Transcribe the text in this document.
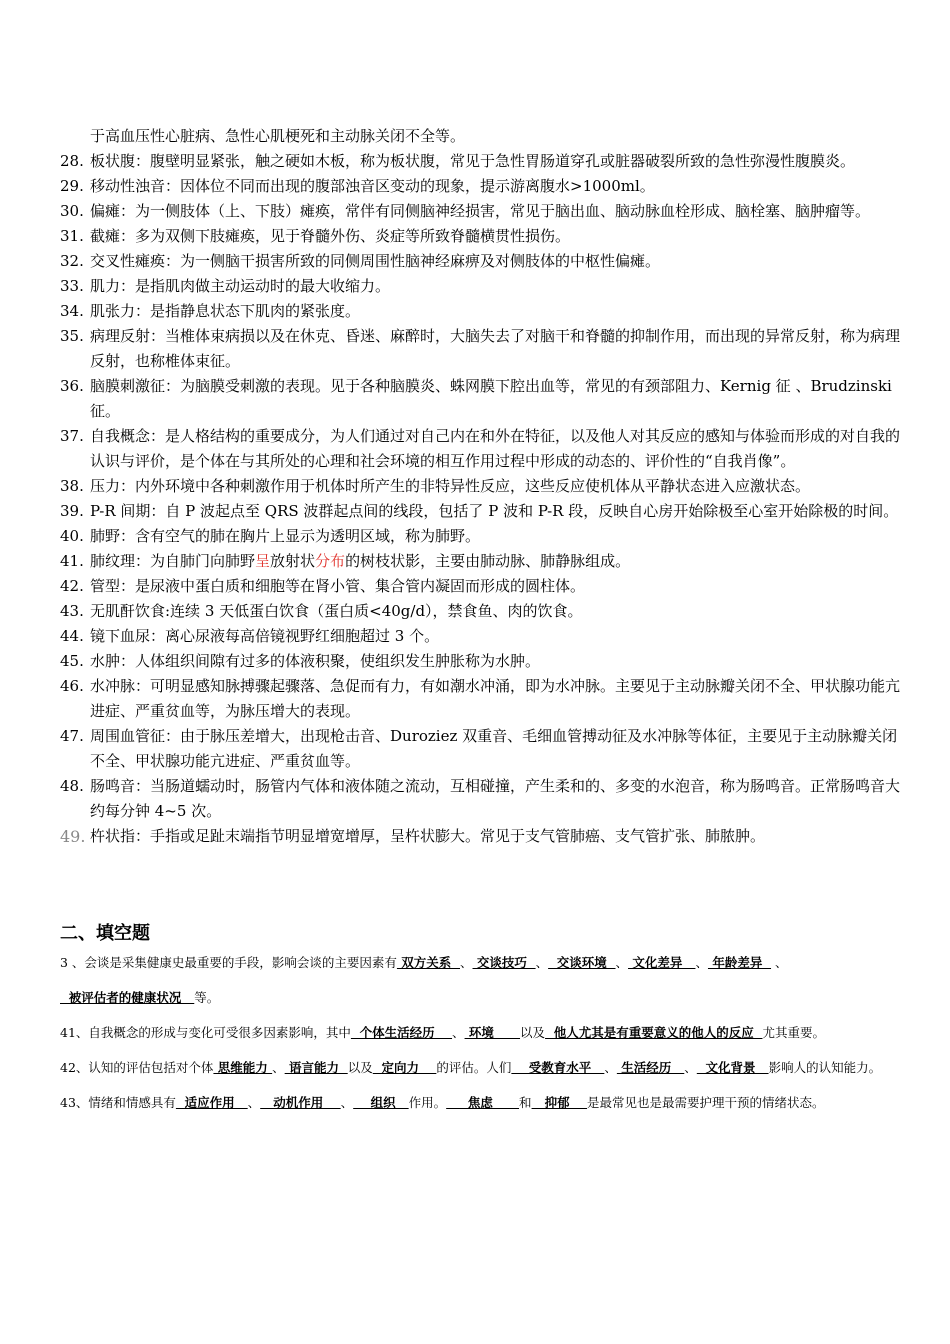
于高血压性心脏病、急性心肌梗死和主动脉关闭不全等。
28. 板状腹：腹壁明显紧张，触之硬如木板，称为板状腹，常见于急性胃肠道穿孔或脏器破裂所致的急性弥漫性腹膜炎。
29. 移动性浊音：因体位不同而出现的腹部浊音区变动的现象，提示游离腹水>1000ml。
30. 偏瘫：为一侧肢体（上、下肢）瘫痪，常伴有同侧脑神经损害，常见于脑出血、脑动脉血栓形成、脑栓塞、脑肿瘤等。
31. 截瘫：多为双侧下肢瘫痪，见于脊髓外伤、炎症等所致脊髓横贯性损伤。
32. 交叉性瘫痪：为一侧脑干损害所致的同侧周围性脑神经麻痹及对侧肢体的中枢性偏瘫。
33. 肌力：是指肌肉做主动运动时的最大收缩力。
34. 肌张力：是指静息状态下肌肉的紧张度。
35. 病理反射：当椎体束病损以及在休克、昏迷、麻醉时，大脑失去了对脑干和脊髓的抑制作用，而出现的异常反射，称为病理反射，也称椎体束征。
36. 脑膜刺激征：为脑膜受刺激的表现。见于各种脑膜炎、蛛网膜下腔出血等，常见的有颈部阻力、Kernig 征 、Brudzinski 征。
37. 自我概念：是人格结构的重要成分，为人们通过对自己内在和外在特征，以及他人对其反应的感知与体验而形成的对自我的认识与评价，是个体在与其所处的心理和社会环境的相互作用过程中形成的动态的、评价性的“自我肖像”。
38. 压力：内外环境中各种刺激作用于机体时所产生的非特异性反应，这些反应使机体从平静状态进入应激状态。
39. P-R 间期：自 P 波起点至 QRS 波群起点间的线段，包括了 P 波和 P-R 段，反映自心房开始除极至心室开始除极的时间。
40. 肺野：含有空气的肺在胸片上显示为透明区域，称为肺野。
41. 肺纹理：为自肺门向肺野呈放射状分布的树枝状影，主要由肺动脉、肺静脉组成。
42. 管型：是尿液中蛋白质和细胞等在肾小管、集合管内凝固而形成的圆柱体。
43. 无肌酐饮食:连续 3 天低蛋白饮食（蛋白质<40g/d），禁食鱼、肉的饮食。
44. 镜下血尿：离心尿液每高倍镜视野红细胞超过 3 个。
45. 水肿：人体组织间隙有过多的体液积聚，使组织发生肿胀称为水肿。
46. 水冲脉：可明显感知脉搏骤起骤落、急促而有力，有如潮水冲涌，即为水冲脉。主要见于主动脉瓣关闭不全、甲状腺功能亢进症、严重贫血等，为脉压增大的表现。
47. 周围血管征：由于脉压差增大，出现枪击音、Duroziez 双重音、毛细血管搏动征及水冲脉等体征，主要见于主动脉瓣关闭不全、甲状腺功能亢进症、严重贫血等。
48. 肠鸣音：当肠道蠕动时，肠管内气体和液体随之流动，互相碰撞，产生柔和的、多变的水泡音，称为肠鸣音。正常肠鸣音大约每分钟 4~5 次。
49. 杵状指：手指或足趾末端指节明显增宽增厚，呈杵状膨大。常见于支气管肺癌、支气管扩张、肺脓肿。
二、填空题

3 、会谈是采集健康史最重要的手段，影响会谈的主要因素有 双方关系  、 交谈技巧  、  交谈环境  、 文化差异   、 年龄差异   、  被评估者的健康状况   等。

41、自我概念的形成与变化可受很多因素影响，其中  个体生活经历    、 环境      以及  他人尤其是有重要意义的他人的反应  尤其重要。

42、认知的评估包括对个体 思维能力 、 语言能力  以及  定向力    的评估。人们    受教育水平   、 生活经历   、  文化背景   影响人的认知能力。

43、情绪和情感具有  适应作用   、   动机作用    、    组织   作用。     焦虑      和   抑郁    是最常见也是最需要护理干预的情绪状态。
